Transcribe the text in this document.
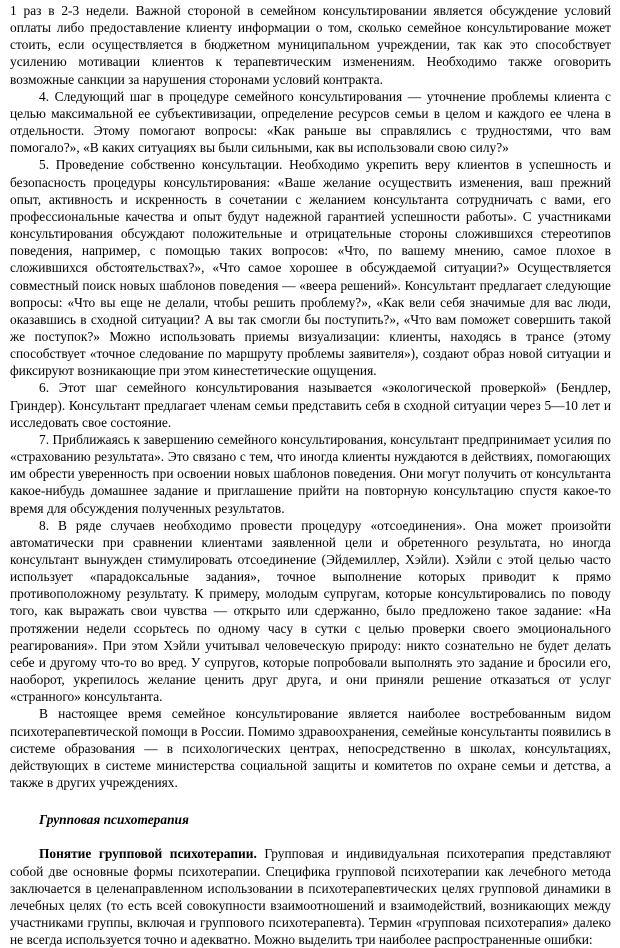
1 раз в 2-3 недели. Важной стороной в семейном консультировании является обсуждение условий оплаты либо предоставление клиенту информации о том, сколько семейное консультирование может стоить, если осуществляется в бюджетном муниципальном учреждении, так как это способствует усилению мотивации клиентов к терапевтическим изменениям. Необходимо также оговорить возможные санкции за нарушения сторонами условий контракта.

4. Следующий шаг в процедуре семейного консультирования — уточнение проблемы клиента с целью максимальной ее субъективизации, определение ресурсов семьи в целом и каждого ее члена в отдельности. Этому помогают вопросы: «Как раньше вы справлялись с трудностями, что вам помогало?», «В каких ситуациях вы были сильными, как вы использовали свою силу?»

5. Проведение собственно консультации. Необходимо укрепить веру клиентов в успешность и безопасность процедуры консультирования: «Ваше желание осуществить изменения, ваш прежний опыт, активность и искренность в сочетании с желанием консультанта сотрудничать с вами, его профессиональные качества и опыт будут надежной гарантией успешности работы». С участниками консультирования обсуждают положительные и отрицательные стороны сложившихся стереотипов поведения, например, с помощью таких вопросов: «Что, по вашему мнению, самое плохое в сложившихся обстоятельствах?», «Что самое хорошее в обсуждаемой ситуации?» Осуществляется совместный поиск новых шаблонов поведения — «веера решений». Консультант предлагает следующие вопросы: «Что вы еще не делали, чтобы решить проблему?», «Как вели себя значимые для вас люди, оказавшись в сходной ситуации? А вы так смогли бы поступить?», «Что вам поможет совершить такой же поступок?» Можно использовать приемы визуализации: клиенты, находясь в трансе (этому способствует «точное следование по маршруту проблемы заявителя»), создают образ новой ситуации и фиксируют возникающие при этом кинестетические ощущения.

6. Этот шаг семейного консультирования называется «экологической проверкой» (Бендлер, Гриндер). Консультант предлагает членам семьи представить себя в сходной ситуации через 5—10 лет и исследовать свое состояние.

7. Приближаясь к завершению семейного консультирования, консультант предпринимает усилия по «страхованию результата». Это связано с тем, что иногда клиенты нуждаются в действиях, помогающих им обрести уверенность при освоении новых шаблонов поведения. Они могут получить от консультанта какое-нибудь домашнее задание и приглашение прийти на повторную консультацию спустя какое-то время для обсуждения полученных результатов.

8. В ряде случаев необходимо провести процедуру «отсоединения». Она может произойти автоматически при сравнении клиентами заявленной цели и обретенного результата, но иногда консультант вынужден стимулировать отсоединение (Эйдемиллер, Хэйли). Хэйли с этой целью часто использует «парадоксальные задания», точное выполнение которых приводит к прямо противоположному результату. К примеру, молодым супругам, которые консультировались по поводу того, как выражать свои чувства — открыто или сдержанно, было предложено такое задание: «На протяжении недели ссорьтесь по одному часу в сутки с целью проверки своего эмоционального реагирования». При этом Хэйли учитывал человеческую природу: никто сознательно не будет делать себе и другому что-то во вред. У супругов, которые попробовали выполнять это задание и бросили его, наоборот, укрепилось желание ценить друг друга, и они приняли решение отказаться от услуг «странного» консультанта.

В настоящее время семейное консультирование является наиболее востребованным видом психотерапевтической помощи в России. Помимо здравоохранения, семейные консультанты появились в системе образования — в психологических центрах, непосредственно в школах, консультациях, действующих в системе министерства социальной защиты и комитетов по охране семьи и детства, а также в других учреждениях.

Групповая психотерапия

Понятие групповой психотерапии. Групповая и индивидуальная психотерапия представляют собой две основные формы психотерапии. Специфика групповой психотерапии как лечебного метода заключается в целенаправленном использовании в психотерапевтических целях групповой динамики в лечебных целях (то есть всей совокупности взаимоотношений и взаимодействий, возникающих между участниками группы, включая и группового психотерапевта). Термин «групповая психотерапия» далеко не всегда используется точно и адекватно. Можно выделить три наиболее распространенные ошибки:
